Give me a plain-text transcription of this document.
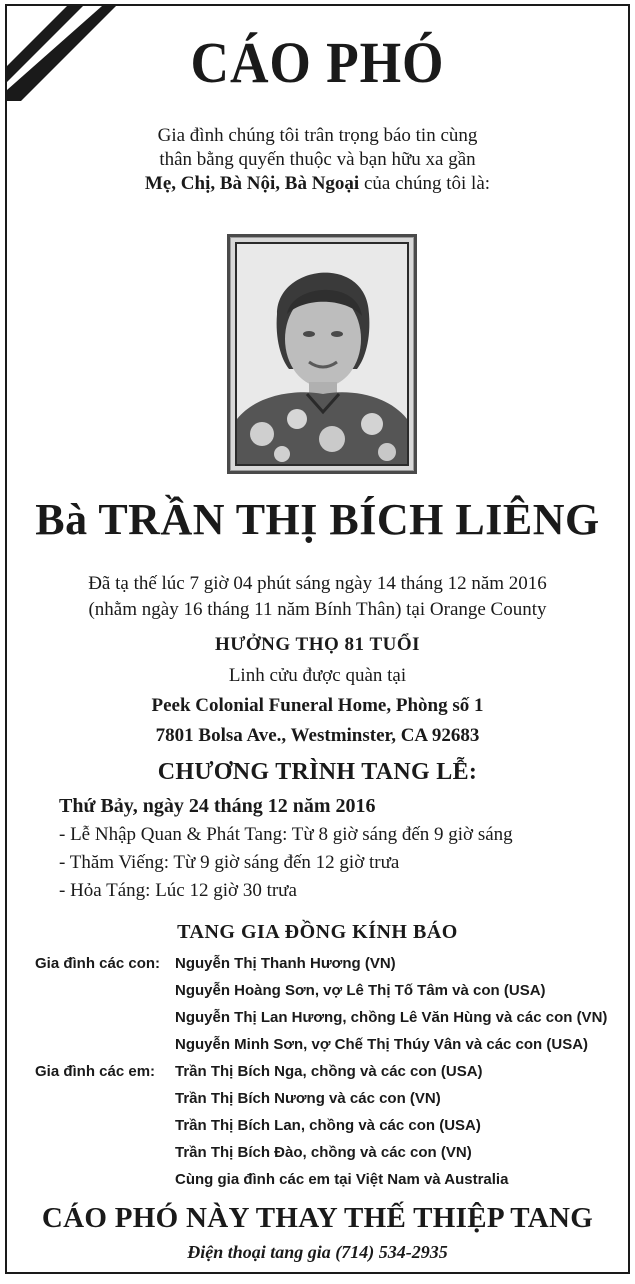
CÁO PHÓ
Gia đình chúng tôi trân trọng báo tin cùng
thân bằng quyến thuộc và bạn hữu xa gần
Mẹ, Chị, Bà Nội, Bà Ngoại của chúng tôi là:
Bà TRẦN THỊ BÍCH LIÊNG
Đã tạ thế lúc 7 giờ 04 phút sáng ngày 14 tháng 12 năm 2016
(nhằm ngày 16 tháng 11 năm Bính Thân) tại Orange County
HƯỞNG THỌ 81 TUỔI
Linh cửu được quàn tại
Peek Colonial Funeral Home, Phòng số 1
7801 Bolsa Ave., Westminster, CA 92683
CHƯƠNG TRÌNH TANG LỄ:
Thứ Bảy, ngày 24 tháng 12 năm 2016
- Lễ Nhập Quan & Phát Tang: Từ 8 giờ sáng đến 9 giờ sáng
- Thăm Viếng: Từ 9 giờ sáng đến 12 giờ trưa
- Hỏa Táng: Lúc 12 giờ 30 trưa
TANG GIA ĐỒNG KÍNH BÁO
Gia đình các con: Nguyễn Thị Thanh Hương (VN)
Nguyễn Hoàng Sơn, vợ Lê Thị Tố Tâm và con (USA)
Nguyễn Thị Lan Hương, chồng Lê Văn Hùng và các con (VN)
Nguyễn Minh Sơn, vợ Chế Thị Thúy Vân và các con (USA)
Gia đình các em: Trần Thị Bích Nga, chồng và các con (USA)
Trần Thị Bích Nương và các con (VN)
Trần Thị Bích Lan, chồng và các con (USA)
Trần Thị Bích Đào, chồng và các con (VN)
Cùng gia đình các em tại Việt Nam và Australia
CÁO PHÓ NÀY THAY THẾ THIỆP TANG
Điện thoại tang gia (714) 534-2935
